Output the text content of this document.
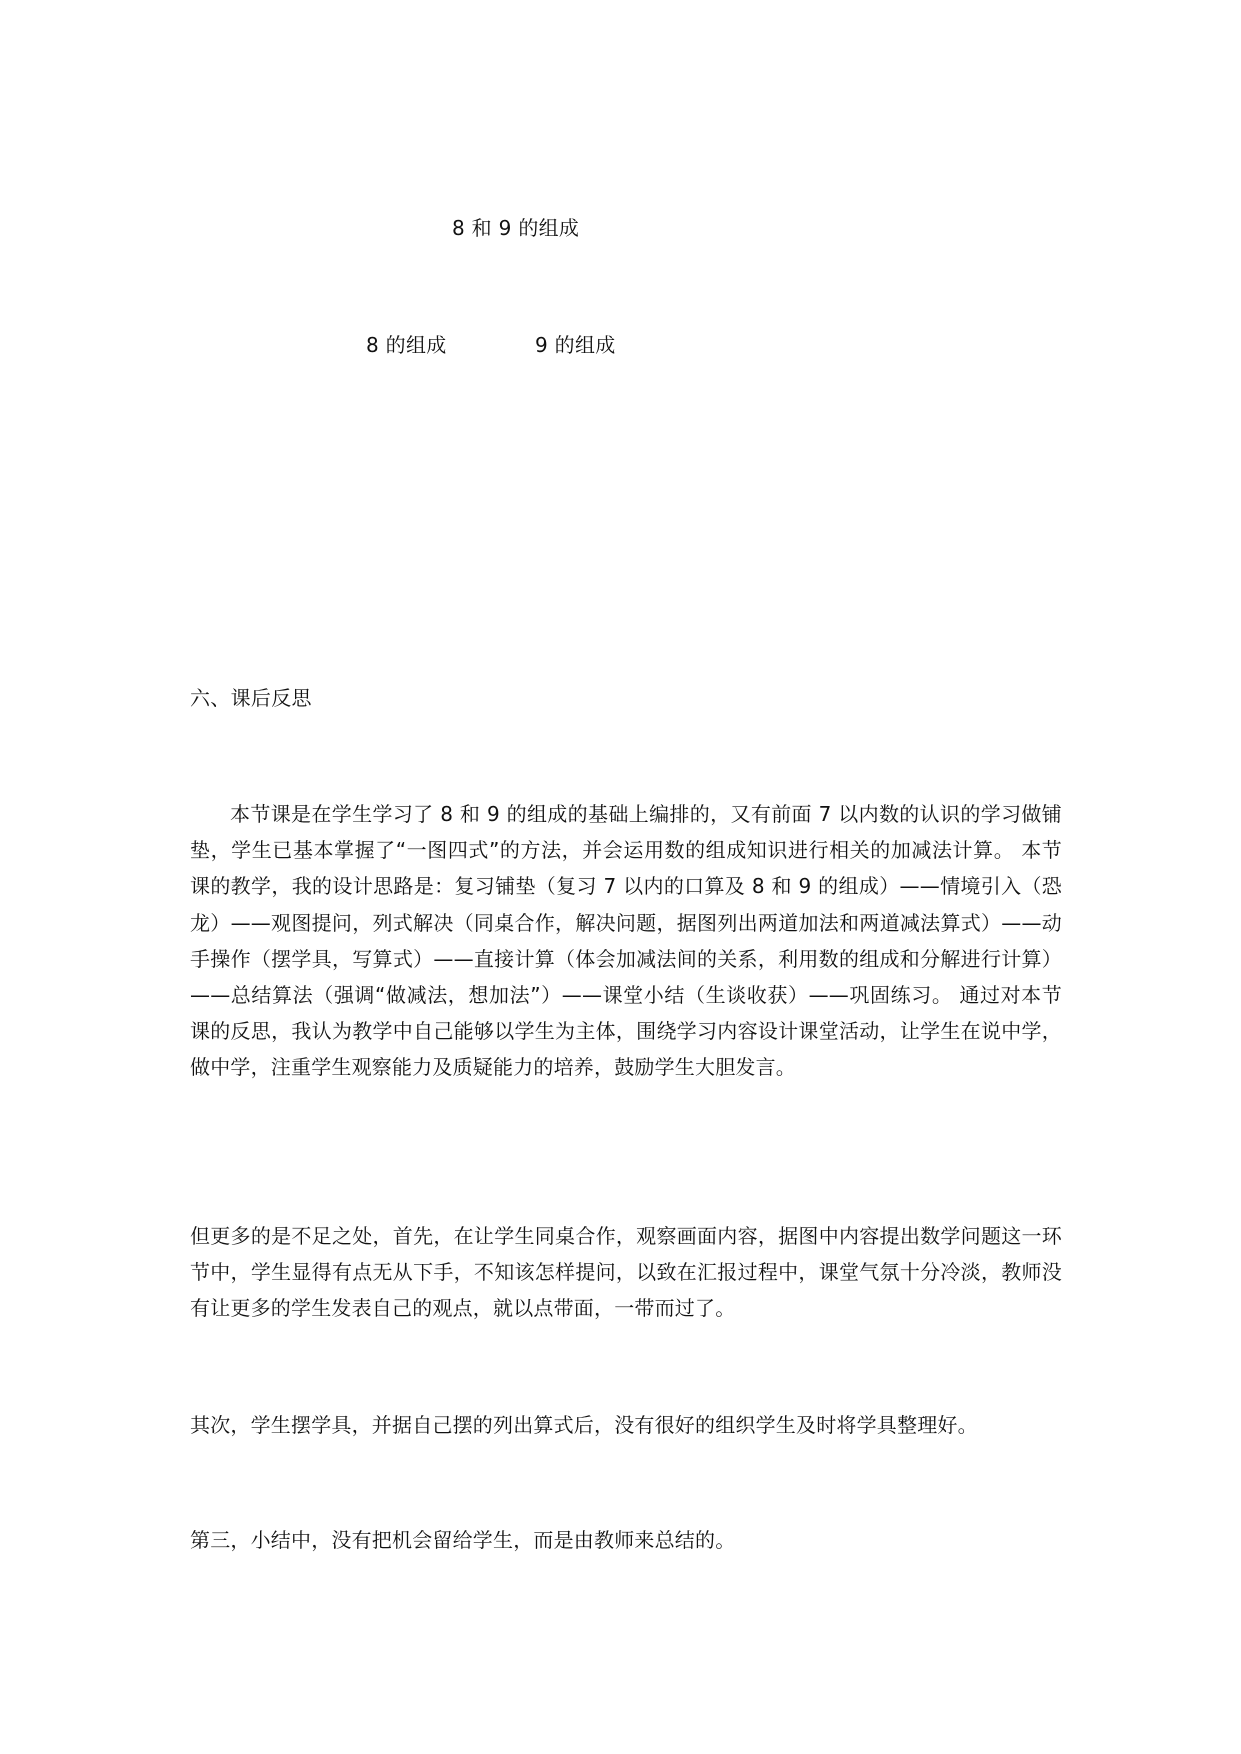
8 和 9 的组成
8 的组成	9 的组成
六、课后反思

本节课是在学生学习了 8 和 9 的组成的基础上编排的，又有前面 7 以内数的认识的学习做铺垫，学生已基本掌握了“一图四式”的方法，并会运用数的组成知识进行相关的加减法计算。 本节课的教学，我的设计思路是：复习铺垫（复习 7 以内的口算及 8 和 9 的组成）——情境引入（恐龙）——观图提问，列式解决（同桌合作，解决问题，据图列出两道加法和两道减法算式）——动手操作（摆学具，写算式）——直接计算（体会加减法间的关系，利用数的组成和分解进行计算）——总结算法（强调“做减法，想加法”）——课堂小结（生谈收获）——巩固练习。 通过对本节课的反思，我认为教学中自己能够以学生为主体，围绕学习内容设计课堂活动，让学生在说中学，做中学，注重学生观察能力及质疑能力的培养，鼓励学生大胆发言。

但更多的是不足之处，首先，在让学生同桌合作，观察画面内容，据图中内容提出数学问题这一环节中，学生显得有点无从下手，不知该怎样提问，以致在汇报过程中，课堂气氛十分冷淡，教师没有让更多的学生发表自己的观点，就以点带面，一带而过了。

其次，学生摆学具，并据自己摆的列出算式后，没有很好的组织学生及时将学具整理好。

第三，小结中，没有把机会留给学生，而是由教师来总结的。
